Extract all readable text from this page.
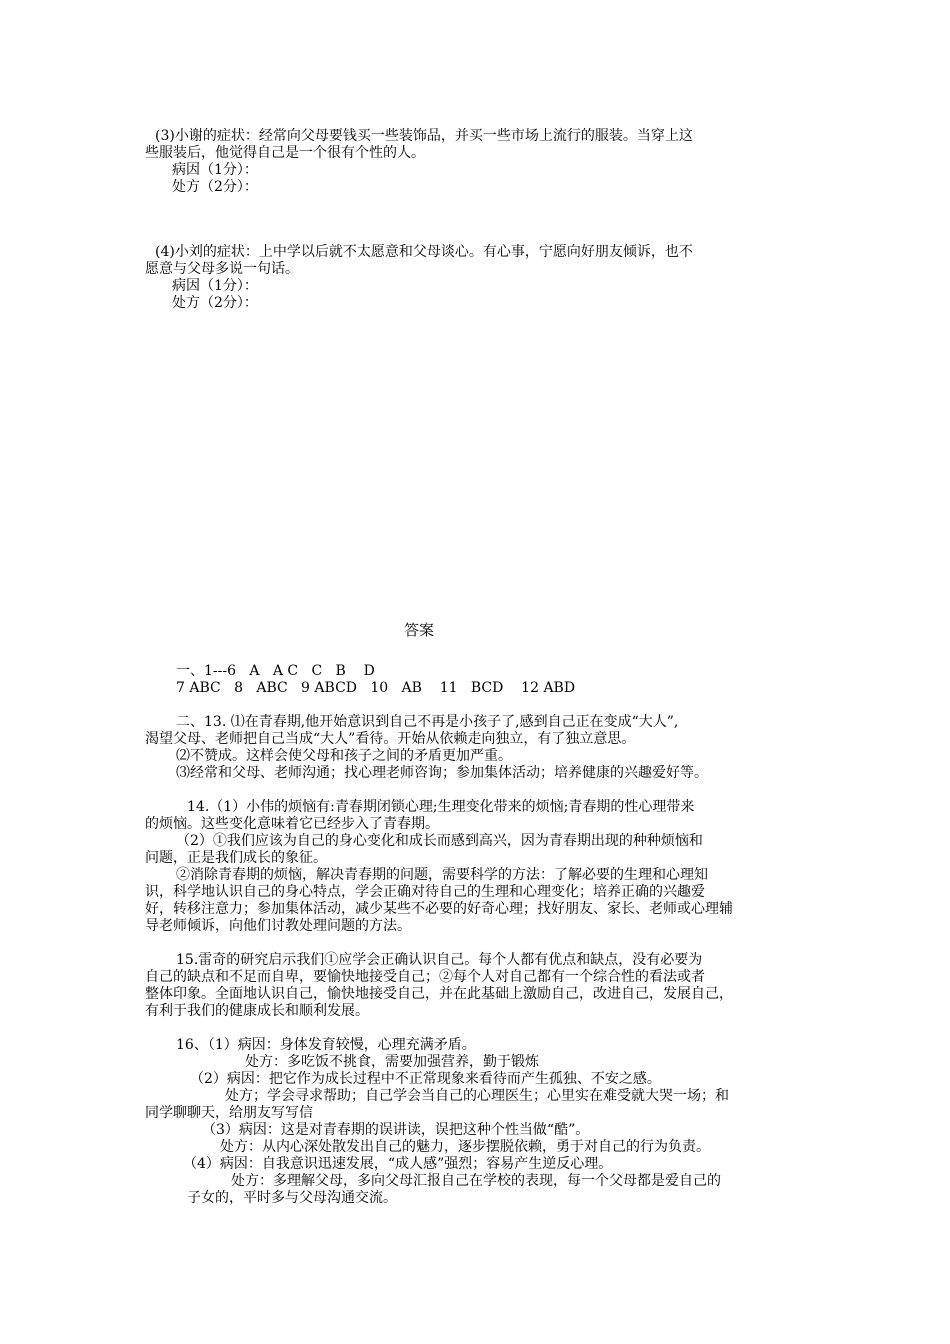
(3)小谢的症状：经常向父母要钱买一些装饰品，并买一些市场上流行的服装。当穿上这
些服装后，他觉得自己是一个很有个性的人。
病因（1分）：
处方（2分）：
(4)小刘的症状：上中学以后就不太愿意和父母谈心。有心事，宁愿向好朋友倾诉，也不
愿意与父母多说一句话。
病因（1分）：
处方（2分）：
答案
一、1---6   A   A C   C   B    D
7 ABC   8   ABC   9 ABCD   10   AB    11   BCD    12 ABD
二、13. ⑴在青春期,他开始意识到自己不再是小孩子了,感到自己正在变成“大人”,
渴望父母、老师把自己当成“大人”看待。开始从依赖走向独立，有了独立意思。
⑵不赞成。这样会使父母和孩子之间的矛盾更加严重。
⑶经常和父母、老师沟通；找心理老师咨询；参加集体活动；培养健康的兴趣爱好等。
14.（1）小伟的烦恼有:青春期闭锁心理;生理变化带来的烦恼;青春期的性心理带来
的烦恼。这些变化意味着它已经步入了青春期。
（2）①我们应该为自己的身心变化和成长而感到高兴，因为青春期出现的种种烦恼和
问题，正是我们成长的象征。
②消除青春期的烦恼，解决青春期的问题，需要科学的方法：了解必要的生理和心理知
识，科学地认识自己的身心特点，学会正确对待自己的生理和心理变化；培养正确的兴趣爱
好，转移注意力；参加集体活动，减少某些不必要的好奇心理；找好朋友、家长、老师或心理辅
导老师倾诉，向他们讨教处理问题的方法。
15.雷奇的研究启示我们①应学会正确认识自己。每个人都有优点和缺点，没有必要为
自己的缺点和不足而自卑，要愉快地接受自己；②每个人对自己都有一个综合性的看法或者
整体印象。全面地认识自己，愉快地接受自己，并在此基础上激励自己，改进自己，发展自己，
有利于我们的健康成长和顺利发展。
16、（1）病因：身体发育较慢，心理充满矛盾。
处方：多吃饭不挑食，需要加强营养，勤于锻炼
（2）病因：把它作为成长过程中不正常现象来看待而产生孤独、不安之感。
处方；学会寻求帮助；自己学会当自己的心理医生；心里实在难受就大哭一场；和
同学聊聊天，给朋友写写信
（3）病因：这是对青春期的误讲读，误把这种个性当做“酷”。
处方：从内心深处散发出自己的魅力，逐步摆脱依赖，勇于对自己的行为负责。
（4）病因：自我意识迅速发展，“成人感”强烈；容易产生逆反心理。
处方：多理解父母，多向父母汇报自己在学校的表现，每一个父母都是爱自己的
子女的，平时多与父母沟通交流。
